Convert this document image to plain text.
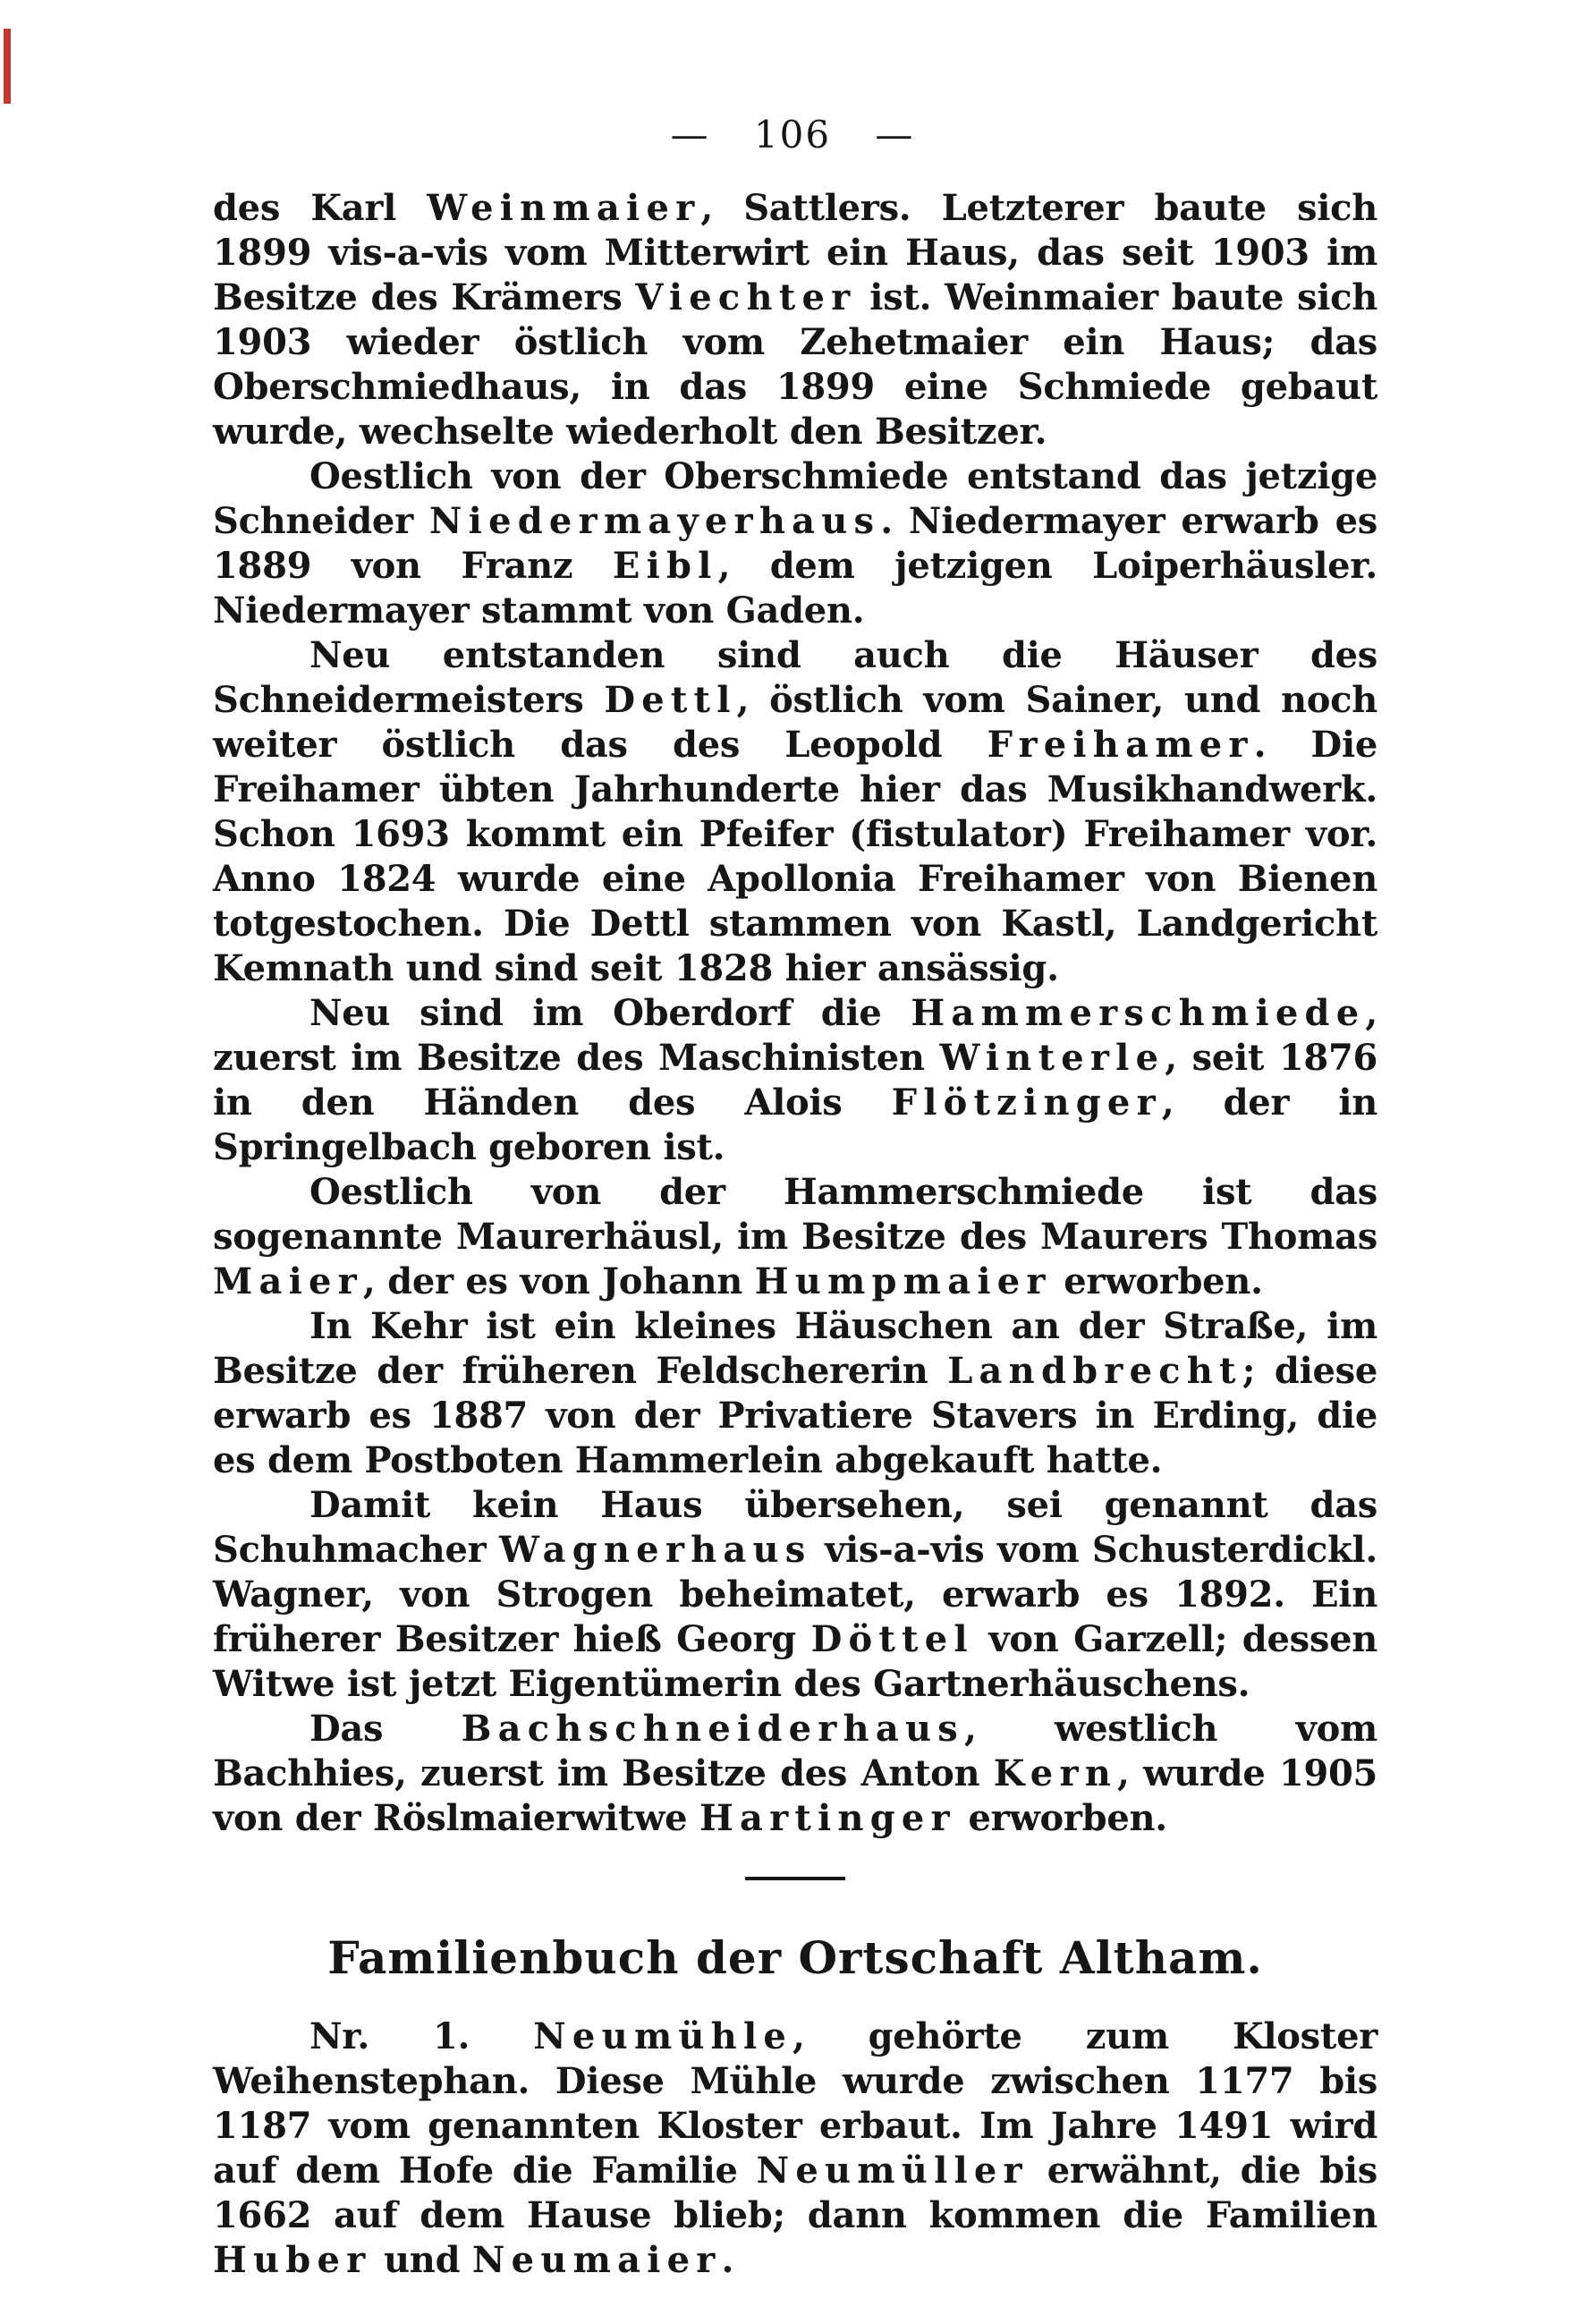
— 106 —

des Karl Weinmaier, Sattlers. Letzterer baute sich 1899 vis-a-vis vom Mitterwirt ein Haus, das seit 1903 im Besitze des Krämers Viechter ist. Weinmaier baute sich 1903 wieder östlich vom Zehetmaier ein Haus; das Oberschmiedhaus, in das 1899 eine Schmiede gebaut wurde, wechselte wiederholt den Besitzer.

Oestlich von der Oberschmiede entstand das jetzige Schneider Niedermayerhaus. Niedermayer erwarb es 1889 von Franz Eibl, dem jetzigen Loiperhäusler. Niedermayer stammt von Gaden.

Neu entstanden sind auch die Häuser des Schneidermeisters Dettl, östlich vom Sainer, und noch weiter östlich das des Leopold Freihamer. Die Freihamer übten Jahrhunderte hier das Musikhandwerk. Schon 1693 kommt ein Pfeifer (fistulator) Freihamer vor. Anno 1824 wurde eine Apollonia Freihamer von Bienen totgestochen. Die Dettl stammen von Kastl, Landgericht Kemnath und sind seit 1828 hier ansässig.

Neu sind im Oberdorf die Hammerschmiede, zuerst im Besitze des Maschinisten Winterle, seit 1876 in den Händen des Alois Flötzinger, der in Springelbach geboren ist.

Oestlich von der Hammerschmiede ist das sogenannte Maurerhäusl, im Besitze des Maurers Thomas Maier, der es von Johann Humpmaier erworben.

In Kehr ist ein kleines Häuschen an der Straße, im Besitze der früheren Feldschererin Landbrecht; diese erwarb es 1887 von der Privatiere Stavers in Erding, die es dem Postboten Hammerlein abgekauft hatte.

Damit kein Haus übersehen, sei genannt das Schuhmacher Wagnerhaus vis-a-vis vom Schusterdickl. Wagner, von Strogen beheimatet, erwarb es 1892. Ein früherer Besitzer hieß Georg Döttel von Garzell; dessen Witwe ist jetzt Eigentümerin des Gartnerhäuschens.

Das Bachschneiderhaus, westlich vom Bachhies, zuerst im Besitze des Anton Kern, wurde 1905 von der Röslmaierwitwe Hartinger erworben.

Familienbuch der Ortschaft Altham.

Nr. 1. Neumühle, gehörte zum Kloster Weihenstephan. Diese Mühle wurde zwischen 1177 bis 1187 vom genannten Kloster erbaut. Im Jahre 1491 wird auf dem Hofe die Familie Neumüller erwähnt, die bis 1662 auf dem Hause blieb; dann kommen die Familien Huber und Neumaier.
